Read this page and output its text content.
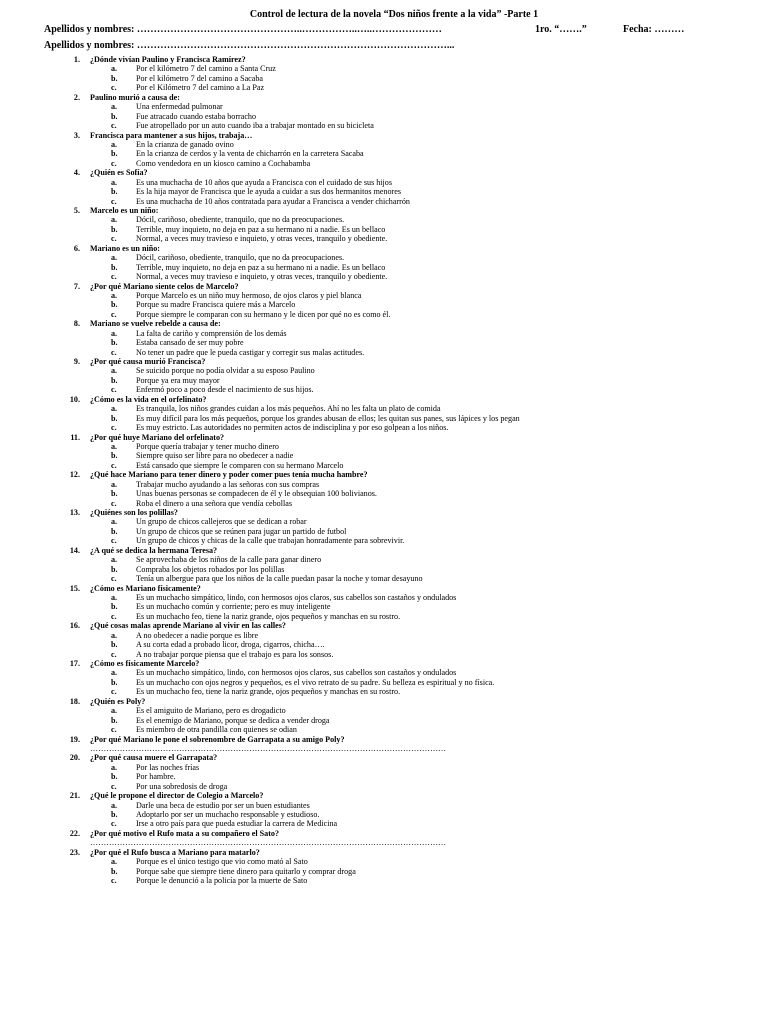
Control de lectura de la novela “Dos niños frente a la vida” -Parte 1
Apellidos y nombres: …………………………………………..……………..…..…………………	1ro. “…….”	Fecha: ………
Apellidos y nombres: …………………………………………………………………………………...
1. ¿Dónde vivían Paulino y Francisca Ramírez?
a.	Por el kilómetro 7 del camino a Santa Cruz
b.	Por el kilómetro 7 del camino a Sacaba
c.	Por el Kilómetro 7 del camino a La Paz
2. Paulino murió a causa de:
a.	Una enfermedad pulmonar
b.	Fue atracado cuando estaba borracho
c.	Fue atropellado por un auto cuando iba a trabajar montado en su bicicleta
3. Francisca para mantener a sus hijos, trabaja…
a.	En la crianza de ganado ovino
b.	En la crianza de cerdos y la venta de chicharrón en la carretera Sacaba
c.	Como vendedora en un kiosco camino a Cochabamba
4. ¿Quién es Sofía?
a.	Es una muchacha de 10 años que ayuda a Francisca con el cuidado de sus hijos
b.	Es la hija mayor de Francisca que le ayuda a cuidar a sus dos hermanitos menores
c.	Es una muchacha de 10 años contratada para ayudar a Francisca a vender chicharrón
5. Marcelo es un niño:
a.	Dócil, cariñoso, obediente, tranquilo, que no da preocupaciones.
b.	Terrible, muy inquieto, no deja en paz a su hermano ni a nadie. Es un bellaco
c.	Normal, a veces muy travieso e inquieto, y otras veces, tranquilo y obediente.
6. Mariano es un niño:
a.	Dócil, cariñoso, obediente, tranquilo, que no da preocupaciones.
b.	Terrible, muy inquieto, no deja en paz a su hermano ni a nadie. Es un bellaco
c.	Normal, a veces muy travieso e inquieto, y otras veces, tranquilo y obediente.
7. ¿Por qué Mariano siente celos de Marcelo?
a.	Porque Marcelo es un niño muy hermoso, de ojos claros y piel blanca
b.	Porque su madre Francisca quiere más a Marcelo
c.	Porque siempre le comparan con su hermano y le dicen por qué no es como él.
8. Mariano se vuelve rebelde a causa de:
a.	La falta de cariño y comprensión de los demás
b.	Estaba cansado de ser muy pobre
c.	No tener un padre que le pueda castigar y corregir sus malas actitudes.
9. ¿Por qué causa murió Francisca?
a.	Se suicido porque no podía olvidar a su esposo Paulino
b.	Porque ya era muy mayor
c.	Enfermó poco a poco desde el nacimiento de sus hijos.
10. ¿Cómo es la vida en el orfelinato?
a.	Es tranquila, los niños grandes cuidan a los más pequeños. Ahí no les falta un plato de comida
b.	Es muy difícil para los más pequeños, porque los grandes abusan de ellos; les quitan sus panes, sus lápices y los pegan
c.	Es muy estricto. Las autoridades no permiten actos de indisciplina y por eso golpean a los niños.
11. ¿Por qué huye Mariano del orfelinato?
a.	Porque quería trabajar y tener mucho dinero
b.	Siempre quiso ser libre para no obedecer a nadie
c.	Está cansado que siempre le comparen con su hermano Marcelo
12. ¿Qué hace Mariano para tener dinero y poder comer pues tenía mucha hambre?
a.	Trabajar mucho ayudando a las señoras con sus compras
b.	Unas buenas personas se compadecen de él y le obsequian 100 bolivianos.
c.	Roba el dinero a una señora que vendía cebollas
13. ¿Quiénes son los polillas?
a.	Un grupo de chicos callejeros que se dedican a robar
b.	Un grupo de chicos que se reúnen para jugar un partido de futbol
c.	Un grupo de chicos y chicas de la calle que trabajan honradamente para sobrevivir.
14. ¿A qué se dedica la hermana Teresa?
a.	Se aprovechaba de los niños de la calle para ganar dinero
b.	Compraba los objetos robados por los polillas
c.	Tenía un albergue para que los niños de la calle puedan pasar la noche y tomar desayuno
15. ¿Cómo es Mariano físicamente?
a.	Es un muchacho simpático, lindo, con hermosos ojos claros, sus cabellos son castaños y ondulados
b.	Es un muchacho común y corriente; pero es muy inteligente
c.	Es un muchacho feo, tiene la nariz grande, ojos pequeños y manchas en su rostro.
16. ¿Qué cosas malas aprende Mariano al vivir en las calles?
a.	A no obedecer a nadie porque es libre
b.	A su corta edad a probado licor, droga, cigarros, chicha….
c.	A no trabajar porque piensa que el trabajo es para los sonsos.
17. ¿Cómo es físicamente Marcelo?
a.	Es un muchacho simpático, lindo, con hermosos ojos claros, sus cabellos son castaños y ondulados
b.	Es un muchacho con ojos negros y pequeños, es el vivo retrato de su padre. Su belleza es espiritual y no física.
c.	Es un muchacho feo, tiene la nariz grande, ojos pequeños y manchas en su rostro.
18. ¿Quién es Poly?
a.	Es el amiguito de Mariano, pero es drogadicto
b.	Es el enemigo de Mariano, porque se dedica a vender droga
c.	Es miembro de otra pandilla con quienes se odian
19. ¿Por qué Mariano le pone el sobrenombre de Garrapata a su amigo Poly?
……………………………………………………………………………………………………………………
20. ¿Por qué causa muere el Garrapata?
a.	Por las noches frías
b.	Por hambre.
c.	Por una sobredosis de droga
21. ¿Qué le propone el director de Colegio a Marcelo?
a.	Darle una beca de estudio por ser un buen estudiantes
b.	Adoptarlo por ser un muchacho responsable y estudioso.
c.	Irse a otro país para que pueda estudiar la carrera de Medicina
22. ¿Por qué motivo el Rufo mata a su compañero el Sato?
……………………………………………………………………………………………………………………
23. ¿Por qué el Rufo busca a Mariano para matarlo?
a.	Porque es el único testigo que vio como mató al Sato
b.	Porque sabe que siempre tiene dinero para quitarlo y comprar droga
c.	Porque le denunció a la policía por la muerte de Sato
